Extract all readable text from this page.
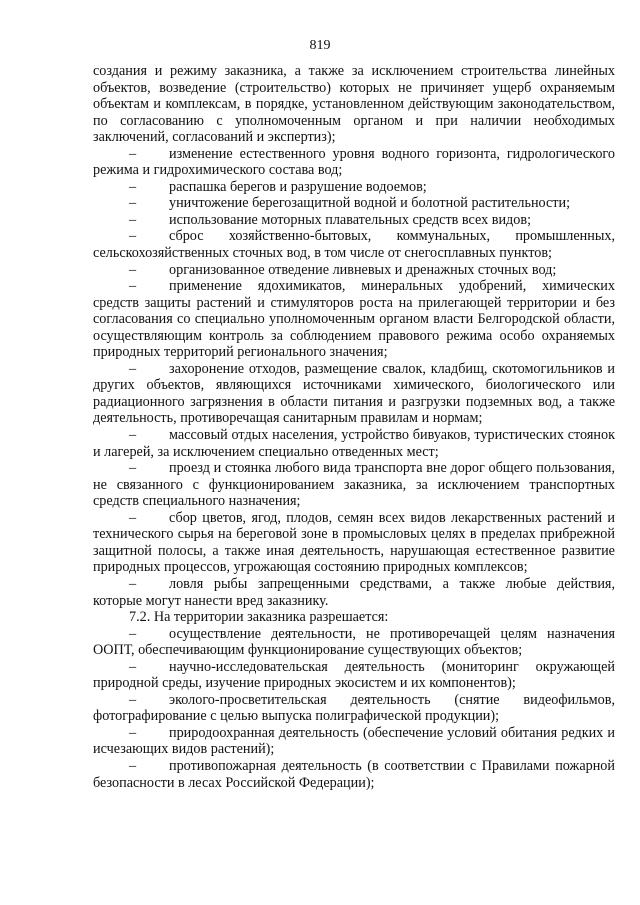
819

создания и режиму заказника, а также за исключением строительства линейных объектов, возведение (строительство) которых не причиняет ущерб охраняемым объектам и комплексам, в порядке, установленном действующим законодательством, по согласованию с уполномоченным органом и при наличии необходимых заключений, согласований и экспертиз);

– изменение естественного уровня водного горизонта, гидрологического режима и гидрохимического состава вод;

– распашка берегов и разрушение водоемов;

– уничтожение берегозащитной водной и болотной растительности;

– использование моторных плавательных средств всех видов;

– сброс хозяйственно-бытовых, коммунальных, промышленных, сельскохозяйственных сточных вод, в том числе от снегосплавных пунктов;

– организованное отведение ливневых и дренажных сточных вод;

– применение ядохимикатов, минеральных удобрений, химических средств защиты растений и стимуляторов роста на прилегающей территории и без согласования со специально уполномоченным органом власти Белгородской области, осуществляющим контроль за соблюдением правового режима особо охраняемых природных территорий регионального значения;

– захоронение отходов, размещение свалок, кладбищ, скотомогильников и других объектов, являющихся источниками химического, биологического или радиационного загрязнения в области питания и разгрузки подземных вод, а также деятельность, противоречащая санитарным правилам и нормам;

– массовый отдых населения, устройство бивуаков, туристических стоянок и лагерей, за исключением специально отведенных мест;

– проезд и стоянка любого вида транспорта вне дорог общего пользования, не связанного с функционированием заказника, за исключением транспортных средств специального назначения;

– сбор цветов, ягод, плодов, семян всех видов лекарственных растений и технического сырья на береговой зоне в промысловых целях в пределах прибрежной защитной полосы, а также иная деятельность, нарушающая естественное развитие природных процессов, угрожающая состоянию природных комплексов;

– ловля рыбы запрещенными средствами, а также любые действия, которые могут нанести вред заказнику.

7.2. На территории заказника разрешается:

– осуществление деятельности, не противоречащей целям назначения ООПТ, обеспечивающим функционирование существующих объектов;

– научно-исследовательская деятельность (мониторинг окружающей природной среды, изучение природных экосистем и их компонентов);

– эколого-просветительская деятельность (снятие видеофильмов, фотографирование с целью выпуска полиграфической продукции);

– природоохранная деятельность (обеспечение условий обитания редких и исчезающих видов растений);

– противопожарная деятельность (в соответствии с Правилами пожарной безопасности в лесах Российской Федерации);
